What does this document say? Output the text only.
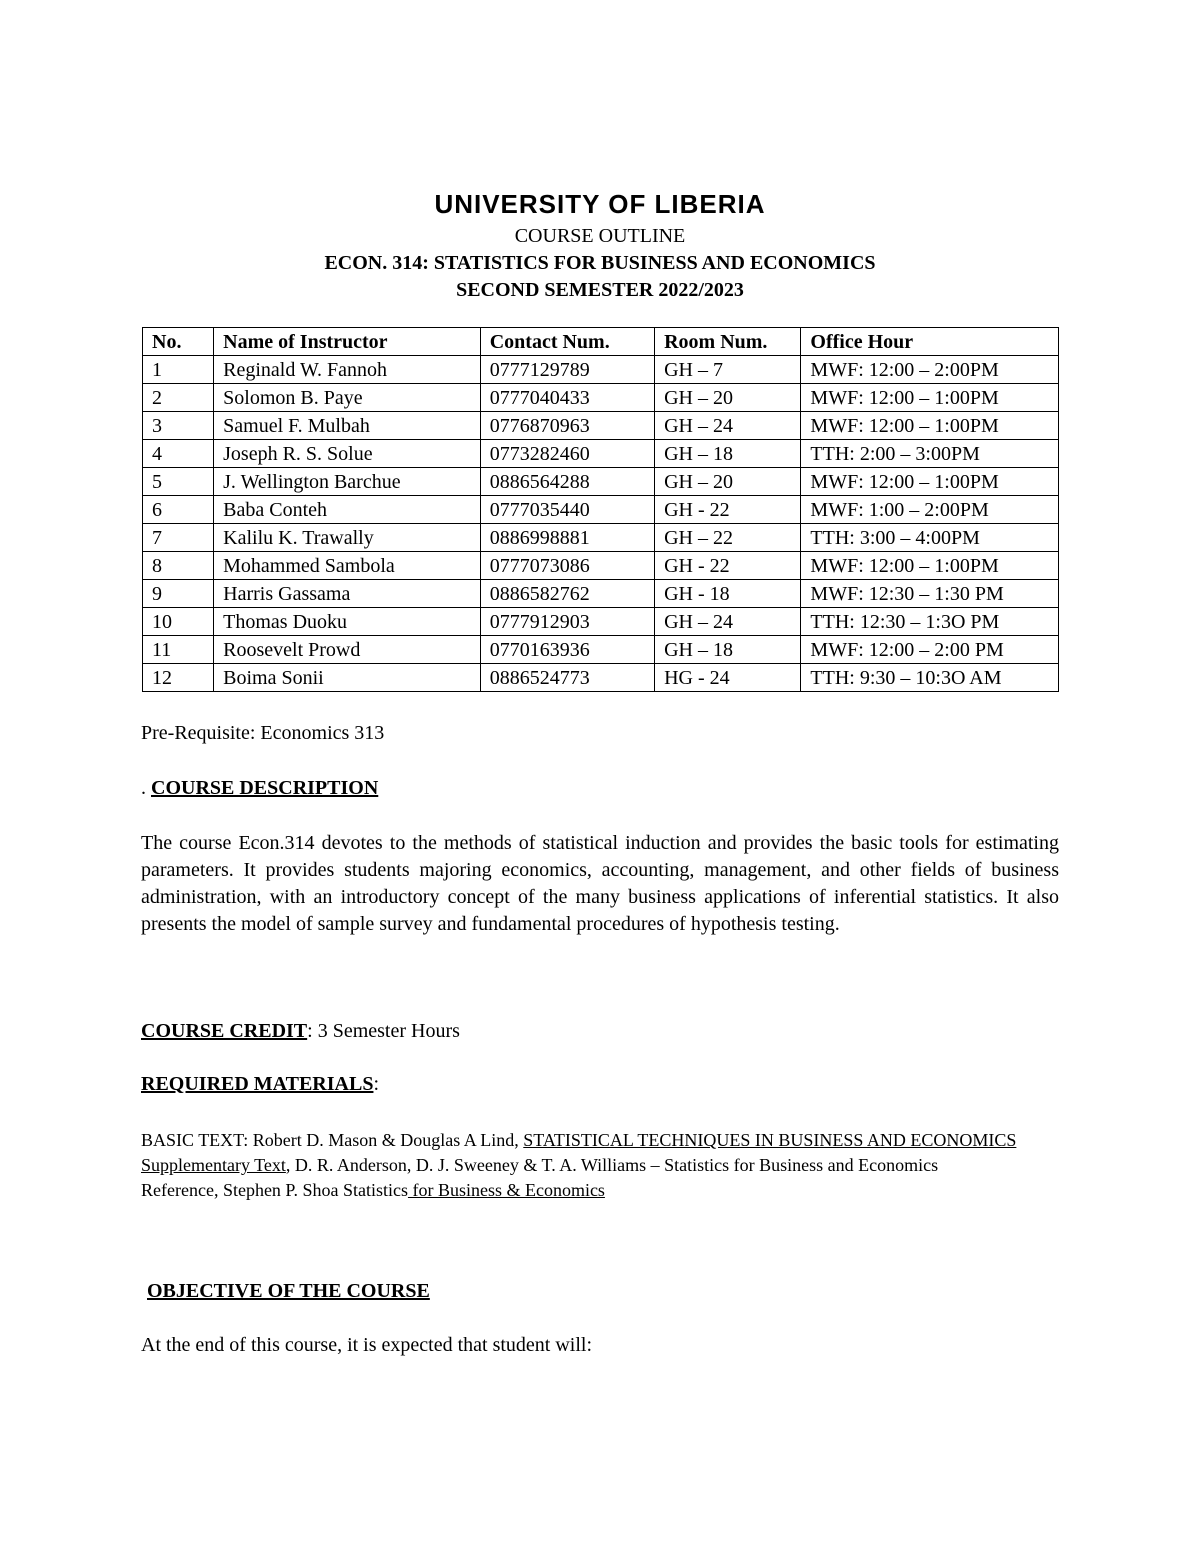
UNIVERSITY OF LIBERIA
COURSE OUTLINE
ECON. 314: STATISTICS FOR BUSINESS AND ECONOMICS
SECOND SEMESTER 2022/2023
No.	Name of Instructor	Contact Num.	Room Num.	Office Hour
1	Reginald W. Fannoh	0777129789	GH – 7	MWF: 12:00 – 2:00PM
2	Solomon B. Paye	0777040433	GH – 20	MWF: 12:00 – 1:00PM
3	Samuel F. Mulbah	0776870963	GH – 24	MWF: 12:00 – 1:00PM
4	Joseph R. S. Solue	0773282460	GH – 18	TTH: 2:00 – 3:00PM
5	J. Wellington Barchue	0886564288	GH – 20	MWF: 12:00 – 1:00PM
6	Baba Conteh	0777035440	GH - 22	MWF: 1:00 – 2:00PM
7	Kalilu K. Trawally	0886998881	GH – 22	TTH: 3:00 – 4:00PM
8	Mohammed Sambola	0777073086	GH - 22	MWF: 12:00 – 1:00PM
9	Harris Gassama	0886582762	GH - 18	MWF: 12:30 – 1:30 PM
10	Thomas Duoku	0777912903	GH – 24	TTH: 12:30 – 1:3O PM
11	Roosevelt Prowd	0770163936	GH – 18	MWF: 12:00 – 2:00 PM
12	Boima Sonii	0886524773	HG - 24	TTH: 9:30 – 10:3O AM
Pre-Requisite: Economics 313
. COURSE DESCRIPTION
The course Econ.314 devotes to the methods of statistical induction and provides the basic tools for estimating parameters. It provides students majoring economics, accounting, management, and other fields of business administration, with an introductory concept of the many business applications of inferential statistics. It also presents the model of sample survey and fundamental procedures of hypothesis testing.
COURSE CREDIT: 3 Semester Hours
REQUIRED MATERIALS:
BASIC TEXT: Robert D. Mason & Douglas A Lind, STATISTICAL TECHNIQUES IN BUSINESS AND ECONOMICS
Supplementary Text, D. R. Anderson, D. J. Sweeney & T. A. Williams – Statistics for Business and Economics
Reference, Stephen P. Shoa Statistics for Business & Economics
OBJECTIVE OF THE COURSE
At the end of this course, it is expected that student will:
